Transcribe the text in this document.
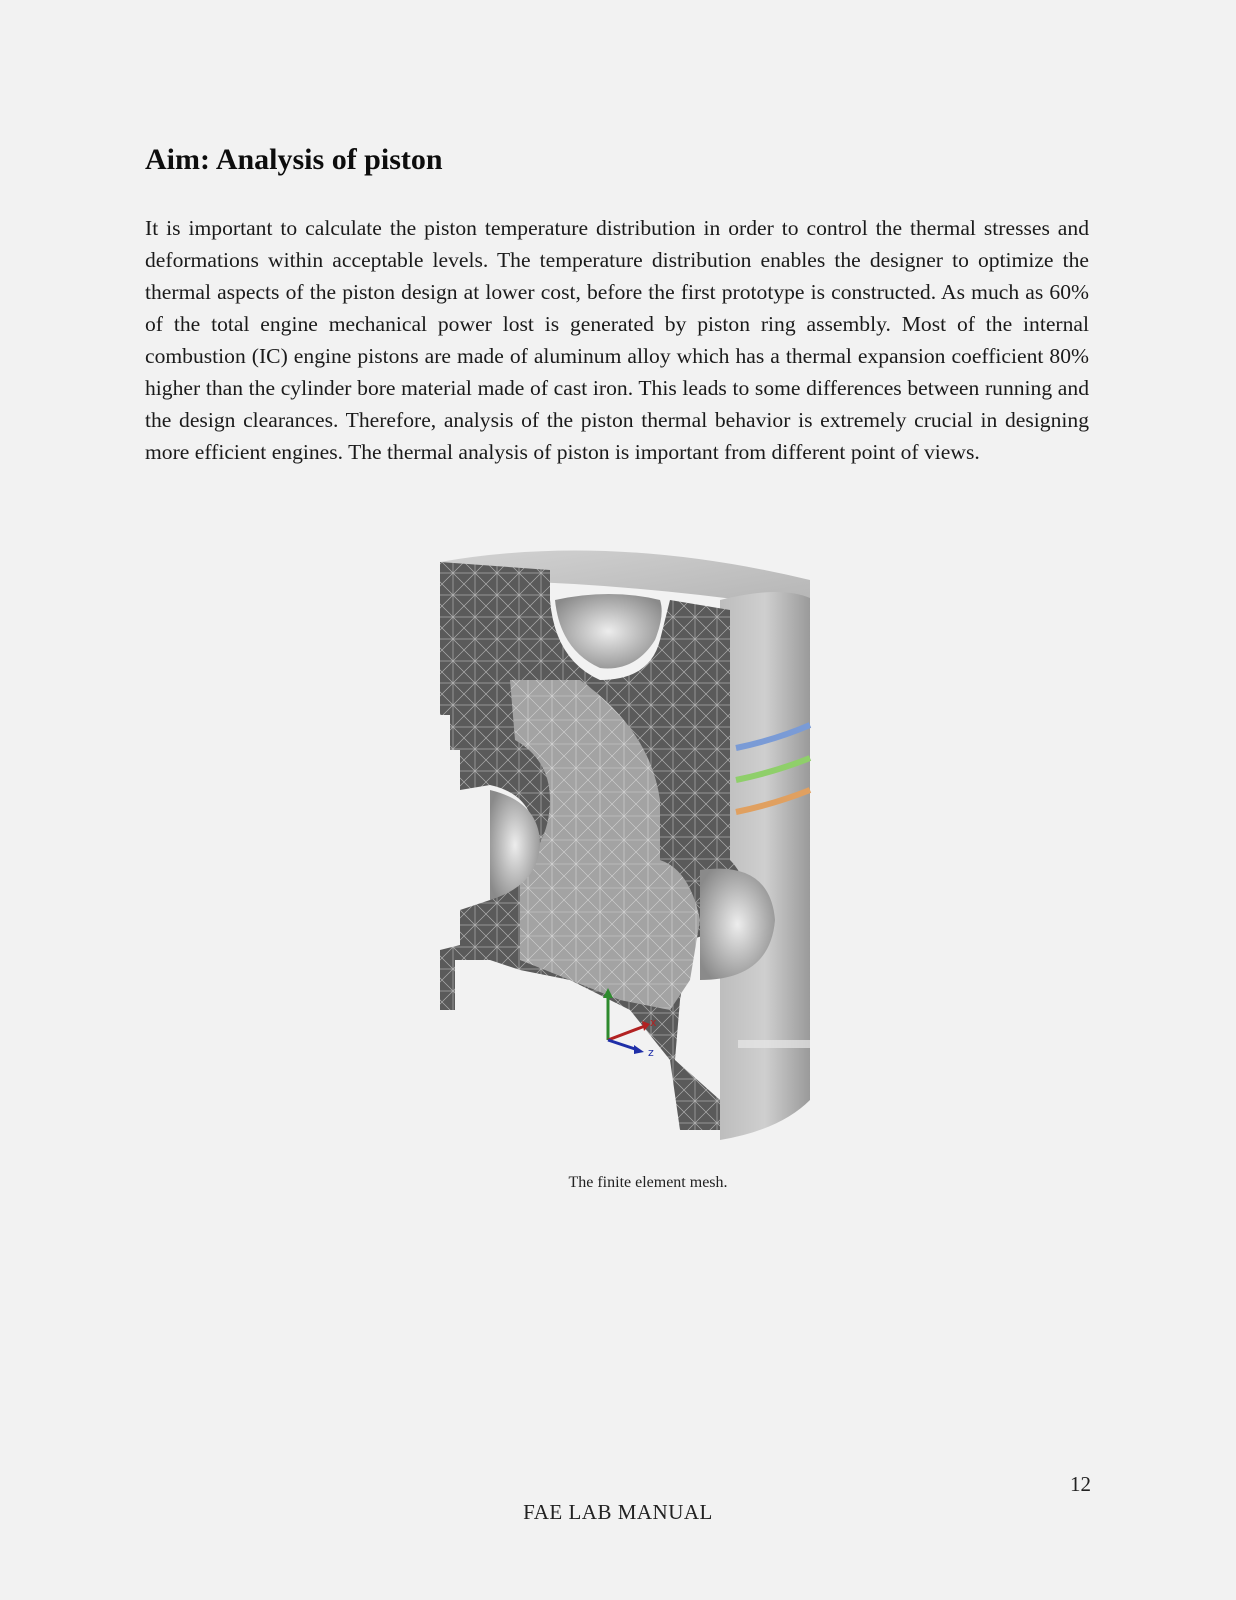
Aim: Analysis of piston

It is important to calculate the piston temperature distribution in order to control the thermal stresses and deformations within acceptable levels. The temperature distribution enables the designer to optimize the thermal aspects of the piston design at lower cost, before the first prototype is constructed. As much as 60% of the total engine mechanical power lost is generated by piston ring assembly. Most of the internal combustion (IC) engine pistons are made of aluminum alloy which has a thermal expansion coefficient 80% higher than the cylinder bore material made of cast iron. This leads to some differences between running and the design clearances. Therefore, analysis of the piston thermal behavior is extremely crucial in designing more efficient engines. The thermal analysis of piston is important from different point of views.

x
z
The finite element mesh.
12
FAE LAB MANUAL
